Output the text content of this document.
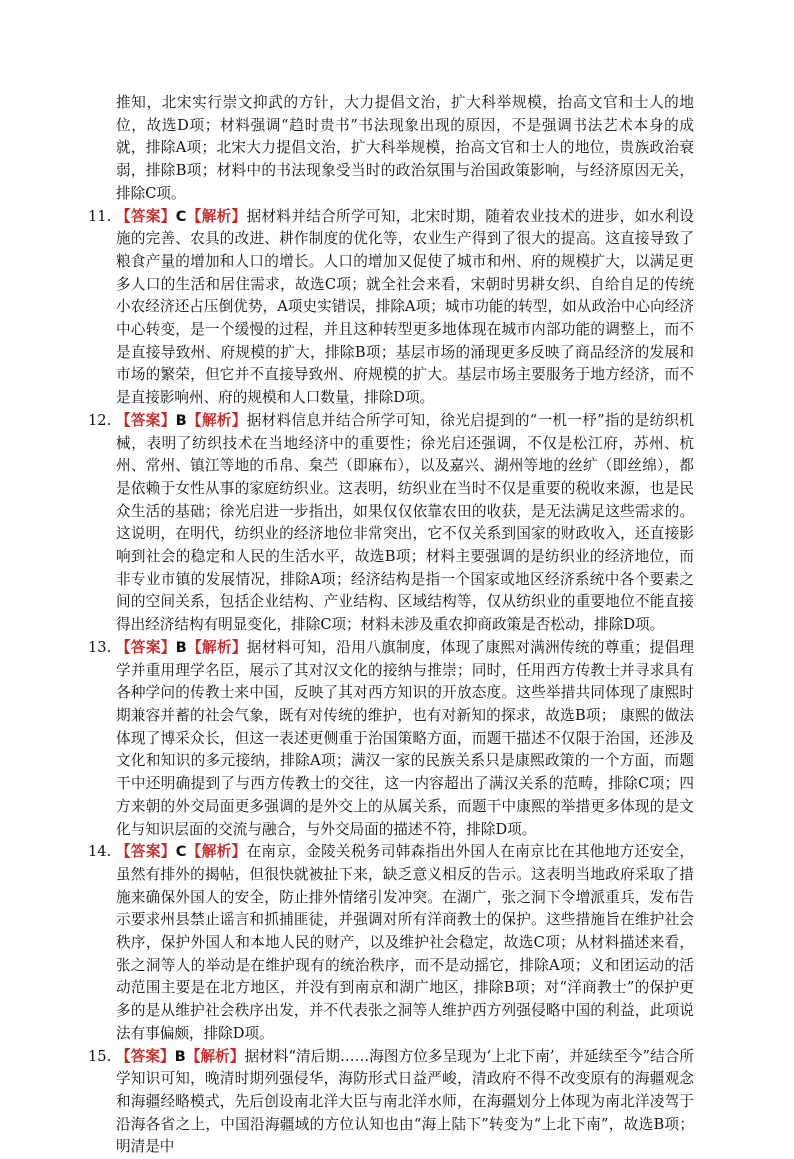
推知，北宋实行崇文抑武的方针，大力提倡文治，扩大科举规模，抬高文官和士人的地位，故选D项；材料强调“趋时贵书”书法现象出现的原因，不是强调书法艺术本身的成就，排除A项；北宋大力提倡文治，扩大科举规模，抬高文官和士人的地位，贵族政治衰弱，排除B项；材料中的书法现象受当时的政治氛围与治国政策影响，与经济原因无关，排除C项。

11. 【答案】C【解析】据材料并结合所学可知，北宋时期，随着农业技术的进步，如水利设施的完善、农具的改进、耕作制度的优化等，农业生产得到了很大的提高。这直接导致了粮食产量的增加和人口的增长。人口的增加又促使了城市和州、府的规模扩大，以满足更多人口的生活和居住需求，故选C项；就全社会来看，宋朝时男耕女织、自给自足的传统小农经济还占压倒优势，A项史实错误，排除A项；城市功能的转型，如从政治中心向经济中心转变，是一个缓慢的过程，并且这种转型更多地体现在城市内部功能的调整上，而不是直接导致州、府规模的扩大，排除B项；基层市场的涌现更多反映了商品经济的发展和市场的繁荣，但它并不直接导致州、府规模的扩大。基层市场主要服务于地方经济，而不是直接影响州、府的规模和人口数量，排除D项。

12. 【答案】B【解析】据材料信息并结合所学可知，徐光启提到的“一机一杼”指的是纺织机械，表明了纺织技术在当地经济中的重要性；徐光启还强调，不仅是松江府，苏州、杭州、常州、镇江等地的币帛、枲苎（即麻布），以及嘉兴、湖州等地的丝纩（即丝绵），都是依赖于女性从事的家庭纺织业。这表明，纺织业在当时不仅是重要的税收来源，也是民众生活的基础；徐光启进一步指出，如果仅仅依靠农田的收获，是无法满足这些需求的。这说明，在明代，纺织业的经济地位非常突出，它不仅关系到国家的财政收入，还直接影响到社会的稳定和人民的生活水平，故选B项；材料主要强调的是纺织业的经济地位，而非专业市镇的发展情况，排除A项；经济结构是指一个国家或地区经济系统中各个要素之间的空间关系，包括企业结构、产业结构、区域结构等，仅从纺织业的重要地位不能直接得出经济结构有明显变化，排除C项；材料未涉及重农抑商政策是否松动，排除D项。

13. 【答案】B【解析】据材料可知，沿用八旗制度，体现了康熙对满洲传统的尊重；提倡理学并重用理学名臣，展示了其对汉文化的接纳与推崇；同时，任用西方传教士并寻求具有各种学问的传教士来中国，反映了其对西方知识的开放态度。这些举措共同体现了康熙时期兼容并蓄的社会气象，既有对传统的维护，也有对新知的探求，故选B项； 康熙的做法体现了博采众长，但这一表述更侧重于治国策略方面，而题干描述不仅限于治国，还涉及文化和知识的多元接纳，排除A项；满汉一家的民族关系只是康熙政策的一个方面，而题干中还明确提到了与西方传教士的交往，这一内容超出了满汉关系的范畴，排除C项；四方来朝的外交局面更多强调的是外交上的从属关系，而题干中康熙的举措更多体现的是文化与知识层面的交流与融合，与外交局面的描述不符，排除D项。

14. 【答案】C【解析】在南京，金陵关税务司韩森指出外国人在南京比在其他地方还安全，虽然有排外的揭帖，但很快就被扯下来，缺乏意义相反的告示。这表明当地政府采取了措施来确保外国人的安全，防止排外情绪引发冲突。在湖广，张之洞下令增派重兵，发布告示要求州县禁止谣言和抓捕匪徒，并强调对所有洋商教士的保护。这些措施旨在维护社会秩序，保护外国人和本地人民的财产，以及维护社会稳定，故选C项；从材料描述来看，张之洞等人的举动是在维护现有的统治秩序，而不是动摇它，排除A项；义和团运动的活动范围主要是在北方地区，并没有到南京和湖广地区，排除B项；对“洋商教士”的保护更多的是从维护社会秩序出发，并不代表张之洞等人维护西方列强侵略中国的利益，此项说法有事偏颇，排除D项。

15. 【答案】B【解析】据材料“清后期……海图方位多呈现为‘上北下南’，并延续至今”结合所学知识可知，晚清时期列强侵华，海防形式日益严峻，清政府不得不改变原有的海疆观念和海疆经略模式，先后创设南北洋大臣与南北洋水师，在海疆划分上体现为南北洋凌驾于沿海各省之上，中国沿海疆域的方位认知也由“海上陆下”转变为“上北下南”，故选B项；明清是中
